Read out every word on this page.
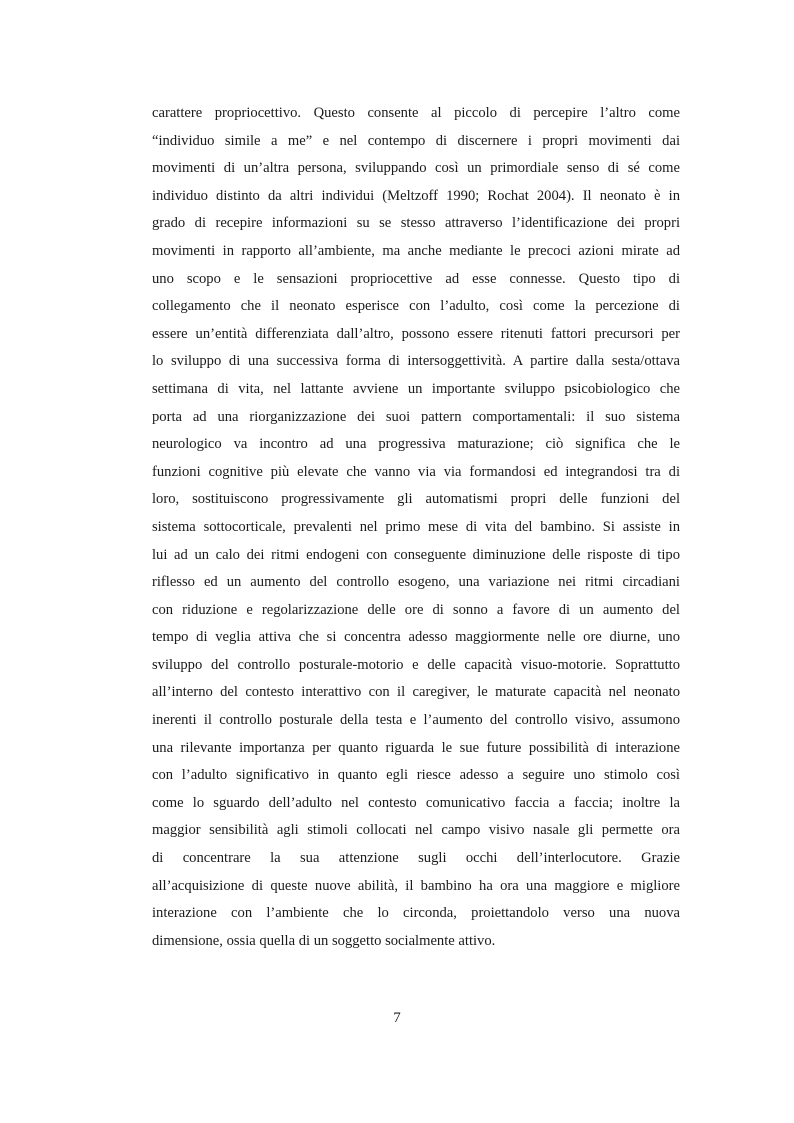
carattere propriocettivo. Questo consente al piccolo di percepire l’altro come
“individuo simile a me” e nel contempo di discernere i propri movimenti dai
movimenti di un’altra persona, sviluppando così un primordiale senso di sé come
individuo distinto da altri individui (Meltzoff 1990; Rochat 2004). Il neonato è in
grado di recepire informazioni su se stesso attraverso l’identificazione dei propri
movimenti in rapporto all’ambiente, ma anche mediante le precoci azioni mirate ad
uno scopo e le sensazioni propriocettive ad esse connesse. Questo tipo di
collegamento che il neonato esperisce con l’adulto, così come la percezione di
essere un’entità differenziata dall’altro, possono essere ritenuti fattori precursori per
lo sviluppo di una successiva forma di intersoggettività. A partire dalla sesta/ottava
settimana di vita, nel lattante avviene un importante sviluppo psicobiologico che
porta ad una riorganizzazione dei suoi pattern comportamentali: il suo sistema
neurologico va incontro ad una progressiva maturazione; ciò significa che le
funzioni cognitive più elevate che vanno via via formandosi ed integrandosi tra di
loro, sostituiscono progressivamente gli automatismi propri delle funzioni del
sistema sottocorticale, prevalenti nel primo mese di vita del bambino. Si assiste in
lui ad un calo dei ritmi endogeni con conseguente diminuzione delle risposte di tipo
riflesso ed un aumento del controllo esogeno, una variazione nei ritmi circadiani
con riduzione e regolarizzazione delle ore di sonno a favore di un aumento del
tempo di veglia attiva che si concentra adesso maggiormente nelle ore diurne, uno
sviluppo del controllo posturale-motorio e delle capacità visuo-motorie. Soprattutto
all’interno del contesto interattivo con il caregiver, le maturate capacità nel neonato
inerenti il controllo posturale della testa e l’aumento del controllo visivo, assumono
una rilevante importanza per quanto riguarda le sue future possibilità di interazione
con l’adulto significativo in quanto egli riesce adesso a seguire uno stimolo così
come lo sguardo dell’adulto nel contesto comunicativo faccia a faccia; inoltre la
maggior sensibilità agli stimoli collocati nel campo visivo nasale gli permette ora
di concentrare la sua attenzione sugli occhi dell’interlocutore. Grazie
all’acquisizione di queste nuove abilità, il bambino ha ora una maggiore e migliore
interazione con l’ambiente che lo circonda, proiettandolo verso una nuova
dimensione, ossia quella di un soggetto socialmente attivo.
7
